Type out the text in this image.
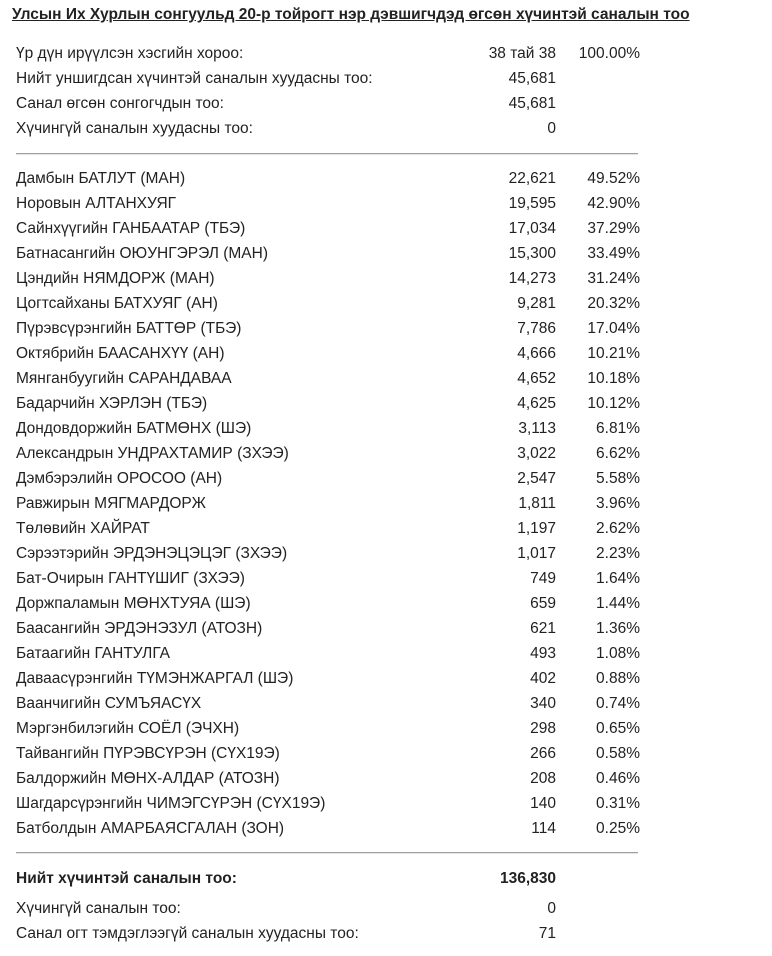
Улсын Их Хурлын сонгуульд 20-р тойрогт нэр дэвшигчдэд өгсөн хүчинтэй саналын тоо
Үр дүн ирүүлсэн хэсгийн хороо:	38 тай 38 100.00%
Нийт уншигдсан хүчинтэй саналын хуудасны тоо:	45,681
Санал өгсөн сонгогчдын тоо:	45,681
Хүчингүй саналын хуудасны тоо:	0
Дамбын БАТЛУТ (МАН)	22,621 49.52%
Норовын АЛТАНХУЯГ	19,595 42.90%
Сайнхүүгийн ГАНБААТАР (ТБЭ)	17,034 37.29%
Батнасангийн ОЮУНГЭРЭЛ (МАН)	15,300 33.49%
Цэндийн НЯМДОРЖ (МАН)	14,273 31.24%
Цогтсайханы БАТХУЯГ (АН)	9,281 20.32%
Пүрэвсүрэнгийн БАТТӨР (ТБЭ)	7,786 17.04%
Октябрийн БААСАНХҮҮ (АН)	4,666 10.21%
Мянганбуугийн САРАНДАВАА	4,652 10.18%
Бадарчийн ХЭРЛЭН (ТБЭ)	4,625 10.12%
Дондовдоржийн БАТМӨНХ (ШЭ)	3,113	6.81%
Александрын УНДРАХТАМИР (ЗХЭЭ)	3,022	6.62%
Дэмбэрэлийн ОРОСОО (АН)	2,547	5.58%
Равжирын МЯГМАРДОРЖ	1,811	3.96%
Төлөвийн ХАЙРАТ	1,197	2.62%
Сэрээтэрийн ЭРДЭНЭЦЭЦЭГ (ЗХЭЭ)	1,017	2.23%
Бат-Очирын ГАНТҮШИГ (ЗХЭЭ)	749	1.64%
Доржпаламын МӨНХТУЯА (ШЭ)	659	1.44%
Баасангийн ЭРДЭНЭЗУЛ (АТОЗН)	621	1.36%
Батаагийн ГАНТУЛГА	493	1.08%
Даваасүрэнгийн ТҮМЭНЖАРГАЛ (ШЭ)	402	0.88%
Ваанчигийн СУМЪЯАСҮХ	340	0.74%
Мэргэнбилэгийн СОЁЛ (ЭЧХН)	298	0.65%
Тайвангийн ПҮРЭВСҮРЭН (СҮХ19Э)	266	0.58%
Балдоржийн МӨНХ-АЛДАР (АТОЗН)	208	0.46%
Шагдарсүрэнгийн ЧИМЭГСҮРЭН (СҮХ19Э)	140	0.31%
Батболдын АМАРБАЯСГАЛАН (ЗОН)	114	0.25%
Нийт хүчинтэй саналын тоо:	136,830
Хүчингүй саналын тоо:	0
Санал огт тэмдэглээгүй саналын хуудасны тоо:	71
